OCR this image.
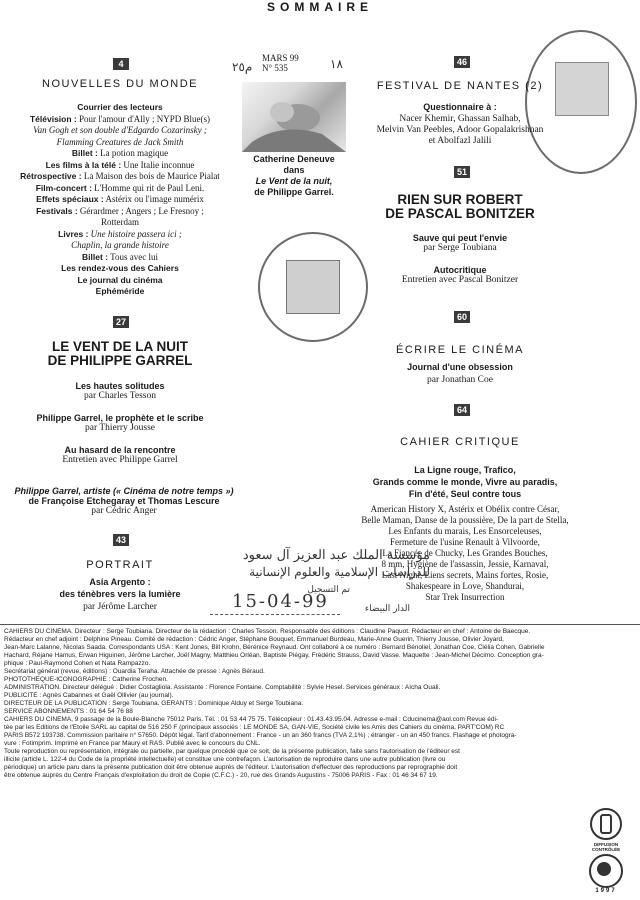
SOMMAIRE
4
NOUVELLES DU MONDE
Courrier des lecteurs
Télévision : Pour l'amour d'Ally ; NYPD Blue(s)
Van Gogh et son double d'Edgardo Cozarinsky ;
Flamming Creatures de Jack Smith
Billet : La potion magique
Les films à la télé : Une Italie inconnue
Rétrospective : La Maison des bois de Maurice Pialat
Film-concert : L'Homme qui rit de Paul Leni.
Effets spéciaux : Astérix ou l'image numérix
Festivals : Gérardmer ; Angers ; Le Fresnoy ; Rotterdam
Livres : Une histoire passera ici ;
Chaplin, la grande histoire
Billet : Tous avec lui
Les rendez-vous des Cahiers
Le journal du cinéma
Ephéméride
27
LE VENT DE LA NUIT
DE PHILIPPE GARREL
Les hautes solitudes
par Charles Tesson
Philippe Garrel, le prophète et le scribe
par Thierry Jousse
Au hasard de la rencontre
Entretien avec Philippe Garrel
Philippe Garrel, artiste (« Cinéma de notre temps »)
de Françoise Etchegaray et Thomas Lescure
par Cédric Anger
43
PORTRAIT
Asia Argento :
des ténèbres vers la lumière
par Jérôme Larcher
MARS 99
N° 535
م٢٥	١٨
Catherine Deneuve
dans
Le Vent de la nuit,
de Philippe Garrel.
46
FESTIVAL DE NANTES (2)
Questionnaire à :
Nacer Khemir, Ghassan Salhab,
Melvin Van Peebles, Adoor Gopalakrishnan
et Abolfazl Jalili
51
RIEN SUR ROBERT
DE PASCAL BONITZER
Sauve qui peut l'envie
par Serge Toubiana
Autocritique
Entretien avec Pascal Bonitzer
60
ÉCRIRE LE CINÉMA
Journal d'une obsession
par Jonathan Coe
64
CAHIER CRITIQUE
La Ligne rouge, Trafico,
Grands comme le monde, Vivre au paradis,
Fin d'été, Seul contre tous
American History X, Astérix et Obélix contre César,
Belle Maman, Danse de la poussière, De la part de Stella,
Les Enfants du marais, Les Ensorceleuses,
Fermeture de l'usine Renault à Vilvoorde,
La Fiancée de Chucky, Les Grandes Bouches,
8 mm, Hygiène de l'assassin, Jessie, Karnaval,
Last Night, Liens secrets, Mains fortes, Rosie,
Shakespeare in Love, Shandurai,
Star Trek Insurrection
مؤسسة الملك عبد العزيز آل سعود
للدراسات الإسلامية والعلوم الإنسانية
تم التسجيل
15-04-99	الدار البيضاء
CAHIERS DU CINÉMA. Directeur : Serge Toubiana. Directeur de la rédaction : Charles Tesson. Responsable des éditions : Claudine Paquot. Rédacteur en chef : Antoine de Baecque.
Rédacteur en chef adjoint : Delphine Pineau. Comité de rédaction : Cédric Anger, Stéphane Bouquet, Emmanuel Burdeau, Marie-Anne Guerin, Thierry Jousse, Olivier Joyard,
Jean-Marc Lalanne, Nicolas Saada. Correspondants USA : Kent Jones, Bill Krohn, Bérénice Reynaud. Ont collaboré à ce numéro : Bernard Bénoliel, Jonathan Coe, Clélia Cohen, Gabrielle
Hachard, Réjane Hamus, Erwan Higuinen, Jérôme Larcher, Joël Magny, Matthieu Orléan, Baptiste Piégay, Frédéric Strauss, David Vasse. Maquette : Jean-Michel Décimo. Conception gra-
phique : Paul-Raymond Cohen et Nata Rampazzo.
Secrétariat général (revue, éditions) : Ouardia Teraha. Attachée de presse : Agnès Béraud.
PHOTOTHÈQUE-ICONOGRAPHIE : Catherine Frochen.
ADMINISTRATION. Directeur délégué : Didier Costagliola. Assistante : Florence Fontaine. Comptabilité : Sylvie Hesel. Services généraux : Aïcha Ouali.
PUBLICITÉ : Agnès Cabannes et Gaël Ollivier (au journal).
DIRECTEUR DE LA PUBLICATION : Serge Toubiana. GERANTS : Dominique Alduy et Serge Toubiana.
SERVICE ABONNEMENTS : 01 64 54 76 88
CAHIERS DU CINÉMA, 9 passage de la Boule-Blanche 75012 Paris. Tél. : 01 53 44 75 75. Télécopieur : 01.43.43.95.04. Adresse e-mail : Cducinema@aol.com Revue édi-
tée par les Editions de l'Etoile SARL au capital de 516 250 F (principaux associés : LE MONDE SA, GAN-VIE, Société civile les Amis des Cahiers du cinéma, PART'COM) RC
PARIS B572 193738. Commission paritaire n° 57650. Dépôt légal. Tarif d'abonnement : France - un an 360 francs (TVA 2,1%) ; étranger - un an 450 francs. Flashage et photogra-
vure : Fotimprim. Imprimé en France par Maury et RAS. Publié avec le concours du CNL.
Toute reproduction ou représentation, intégrale ou partielle, par quelque procédé que ce soit, de la présente publication, faite sans l'autorisation de l'éditeur est
illicite (article L. 122-4 du Code de la propriété intellectuelle) et constitue une contrefaçon. L'autorisation de reproduire dans une autre publication (livre ou
périodique) un article paru dans la présente publication doit être obtenue auprès de l'éditeur. L'autorisation d'effectuer des reproductions par reprographie doit
être obtenue auprès du Centre Français d'exploitation du droit de Copie (C.F.C.) - 20, rue des Grands Augustins - 75006 PARIS - Fax : 01 46 34 67 19.
DIFFUSION CONTRÔLÉE
1997
